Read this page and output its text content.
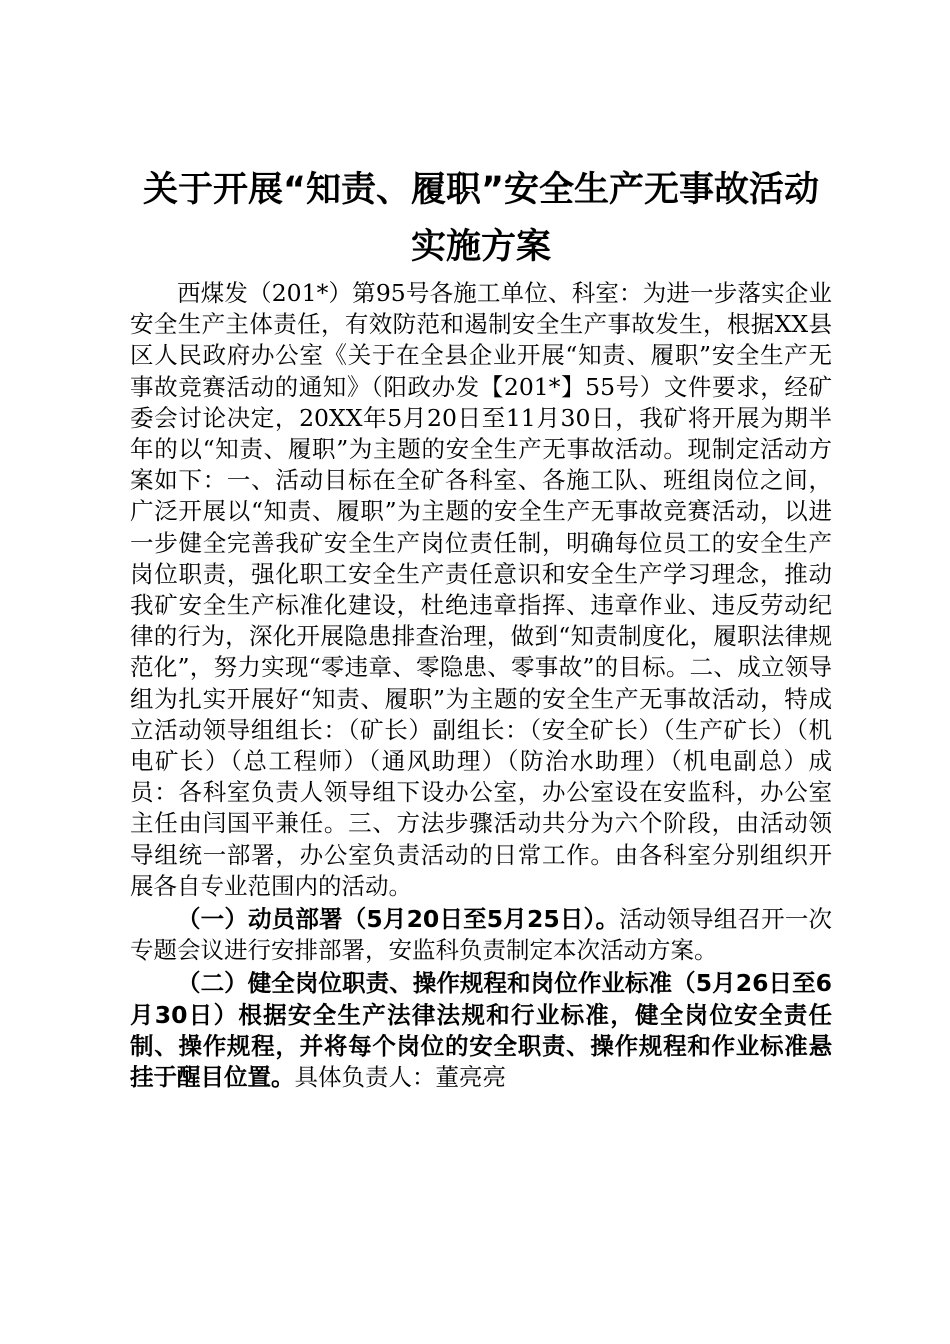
关于开展“知责、履职”安全生产无事故活动
实施方案

西煤发（201*）第95号各施工单位、科室：为进一步落实企业安全生产主体责任，有效防范和遏制安全生产事故发生，根据XX县区人民政府办公室《关于在全县企业开展“知责、履职”安全生产无事故竞赛活动的通知》（阳政办发【201*】55号）文件要求，经矿委会讨论决定，20XX年5月20日至11月30日，我矿将开展为期半年的以“知责、履职”为主题的安全生产无事故活动。现制定活动方案如下：一、活动目标在全矿各科室、各施工队、班组岗位之间，广泛开展以“知责、履职”为主题的安全生产无事故竞赛活动，以进一步健全完善我矿安全生产岗位责任制，明确每位员工的安全生产岗位职责，强化职工安全生产责任意识和安全生产学习理念，推动我矿安全生产标准化建设，杜绝违章指挥、违章作业、违反劳动纪律的行为，深化开展隐患排查治理，做到“知责制度化，履职法律规范化”，努力实现“零违章、零隐患、零事故”的目标。二、成立领导组为扎实开展好“知责、履职”为主题的安全生产无事故活动，特成立活动领导组组长：（矿长）副组长：（安全矿长）（生产矿长）（机电矿长）（总工程师）（通风助理）（防治水助理）（机电副总）成员：各科室负责人领导组下设办公室，办公室设在安监科，办公室主任由闫国平兼任。三、方法步骤活动共分为六个阶段，由活动领导组统一部署，办公室负责活动的日常工作。由各科室分别组织开展各自专业范围内的活动。

（一）动员部署（5月20日至5月25日）。活动领导组召开一次专题会议进行安排部署，安监科负责制定本次活动方案。

（二）健全岗位职责、操作规程和岗位作业标准（5月26日至6月30日）根据安全生产法律法规和行业标准，健全岗位安全责任制、操作规程，并将每个岗位的安全职责、操作规程和作业标准悬挂于醒目位置。具体负责人：董亮亮
